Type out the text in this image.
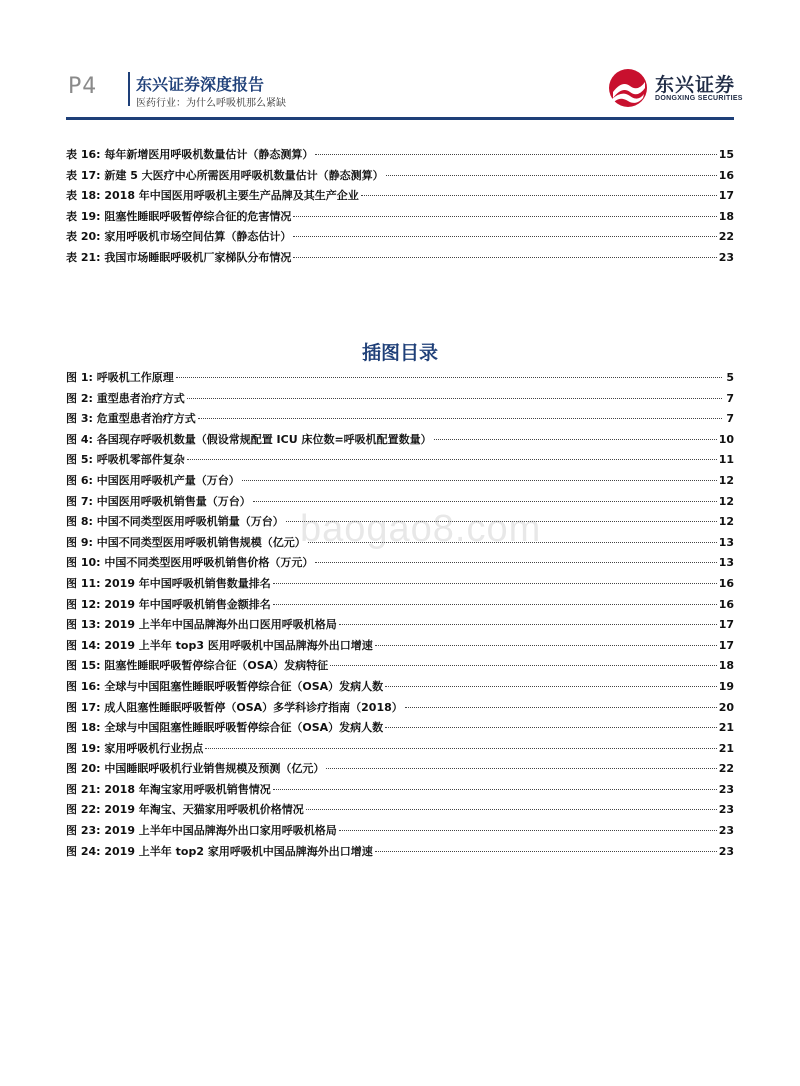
P4 东兴证券深度报告
医药行业：为什么呼吸机那么紧缺
东兴证券
DONGXING SECURITIES
表 16: 每年新增医用呼吸机数量估计（静态测算）	15
表 17: 新建 5 大医疗中心所需医用呼吸机数量估计（静态测算）	16
表 18: 2018 年中国医用呼吸机主要生产品牌及其生产企业	17
表 19: 阻塞性睡眠呼吸暂停综合征的危害情况	18
表 20: 家用呼吸机市场空间估算（静态估计）	22
表 21: 我国市场睡眠呼吸机厂家梯队分布情况	23
插图目录
图 1: 呼吸机工作原理	5
图 2: 重型患者治疗方式	7
图 3: 危重型患者治疗方式	7
图 4: 各国现存呼吸机数量（假设常规配置 ICU 床位数=呼吸机配置数量）	10
图 5: 呼吸机零部件复杂	11
图 6: 中国医用呼吸机产量（万台）	12
图 7: 中国医用呼吸机销售量（万台）	12
图 8: 中国不同类型医用呼吸机销量（万台）	12
图 9: 中国不同类型医用呼吸机销售规模（亿元）	13
图 10: 中国不同类型医用呼吸机销售价格（万元）	13
图 11: 2019 年中国呼吸机销售数量排名	16
图 12: 2019 年中国呼吸机销售金额排名	16
图 13: 2019 上半年中国品牌海外出口医用呼吸机格局	17
图 14: 2019 上半年 top3 医用呼吸机中国品牌海外出口增速	17
图 15: 阻塞性睡眠呼吸暂停综合征（OSA）发病特征	18
图 16: 全球与中国阻塞性睡眠呼吸暂停综合征（OSA）发病人数	19
图 17: 成人阻塞性睡眠呼吸暂停（OSA）多学科诊疗指南（2018）	20
图 18: 全球与中国阻塞性睡眠呼吸暂停综合征（OSA）发病人数	21
图 19: 家用呼吸机行业拐点	21
图 20: 中国睡眠呼吸机行业销售规模及预测（亿元）	22
图 21: 2018 年淘宝家用呼吸机销售情况	23
图 22: 2019 年淘宝、天猫家用呼吸机价格情况	23
图 23: 2019 上半年中国品牌海外出口家用呼吸机格局	23
图 24: 2019 上半年 top2 家用呼吸机中国品牌海外出口增速	23
baogao8.com
